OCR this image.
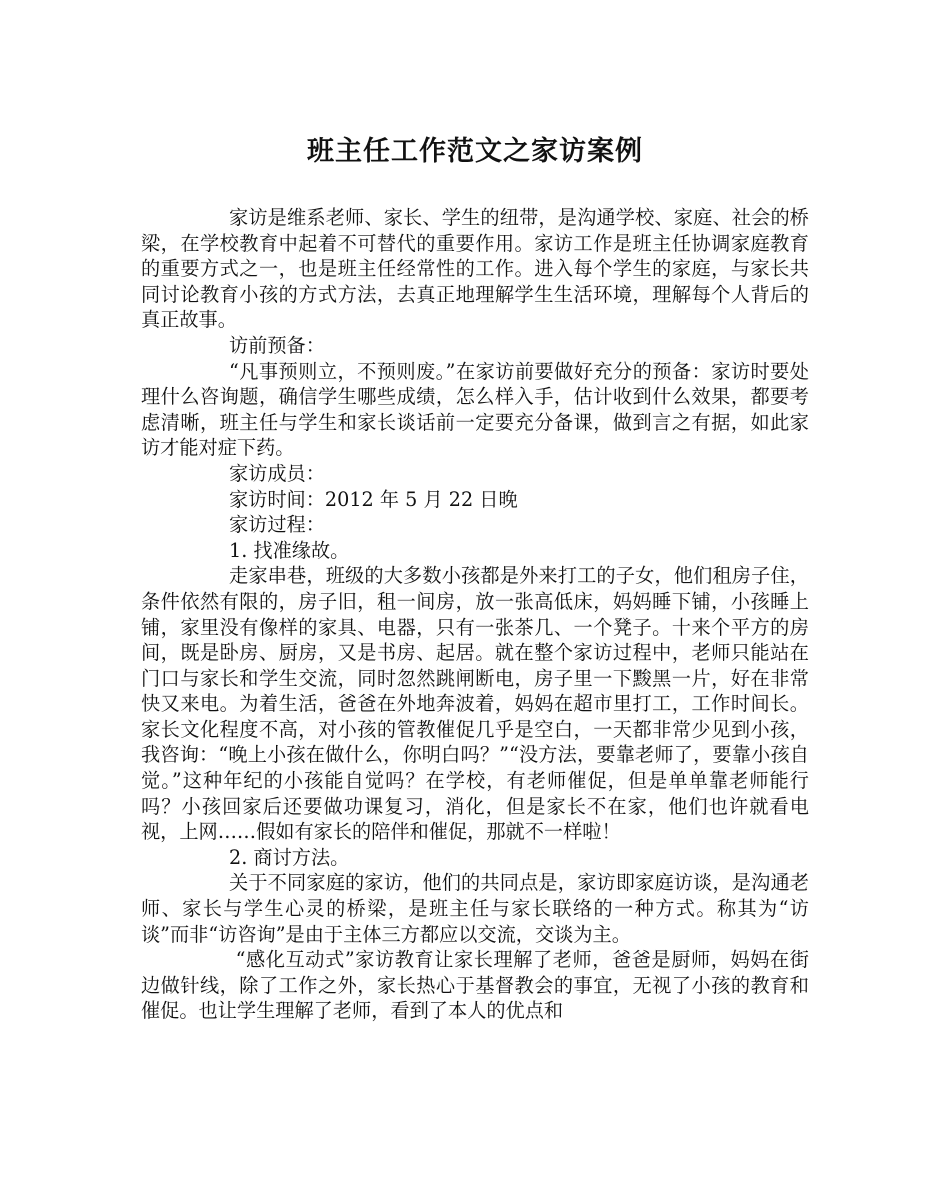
班主任工作范文之家访案例

家访是维系老师、家长、学生的纽带，是沟通学校、家庭、社会的桥梁，在学校教育中起着不可替代的重要作用。家访工作是班主任协调家庭教育的重要方式之一，也是班主任经常性的工作。进入每个学生的家庭，与家长共同讨论教育小孩的方式方法，去真正地理解学生生活环境，理解每个人背后的真正故事。

访前预备：

“凡事预则立，不预则废。”在家访前要做好充分的预备：家访时要处理什么咨询题，确信学生哪些成绩，怎么样入手，估计收到什么效果，都要考虑清晰，班主任与学生和家长谈话前一定要充分备课，做到言之有据，如此家访才能对症下药。

家访成员：

家访时间：2012 年 5 月 22 日晚

家访过程：

1. 找准缘故。

走家串巷，班级的大多数小孩都是外来打工的子女，他们租房子住，条件依然有限的，房子旧，租一间房，放一张高低床，妈妈睡下铺，小孩睡上铺，家里没有像样的家具、电器，只有一张茶几、一个凳子。十来个平方的房间，既是卧房、厨房，又是书房、起居。就在整个家访过程中，老师只能站在门口与家长和学生交流，同时忽然跳闸断电，房子里一下黢黑一片，好在非常快又来电。为着生活，爸爸在外地奔波着，妈妈在超市里打工，工作时间长。家长文化程度不高，对小孩的管教催促几乎是空白，一天都非常少见到小孩，我咨询：“晚上小孩在做什么，你明白吗？”“没方法，要靠老师了，要靠小孩自觉。”这种年纪的小孩能自觉吗？在学校，有老师催促，但是单单靠老师能行吗？小孩回家后还要做功课复习，消化，但是家长不在家，他们也许就看电视，上网……假如有家长的陪伴和催促，那就不一样啦！

2. 商讨方法。

关于不同家庭的家访，他们的共同点是，家访即家庭访谈，是沟通老师、家长与学生心灵的桥梁，是班主任与家长联络的一种方式。称其为“访谈”而非“访咨询”是由于主体三方都应以交流，交谈为主。

“感化互动式”家访教育让家长理解了老师，爸爸是厨师，妈妈在街边做针线，除了工作之外，家长热心于基督教会的事宜，无视了小孩的教育和催促。也让学生理解了老师，看到了本人的优点和
